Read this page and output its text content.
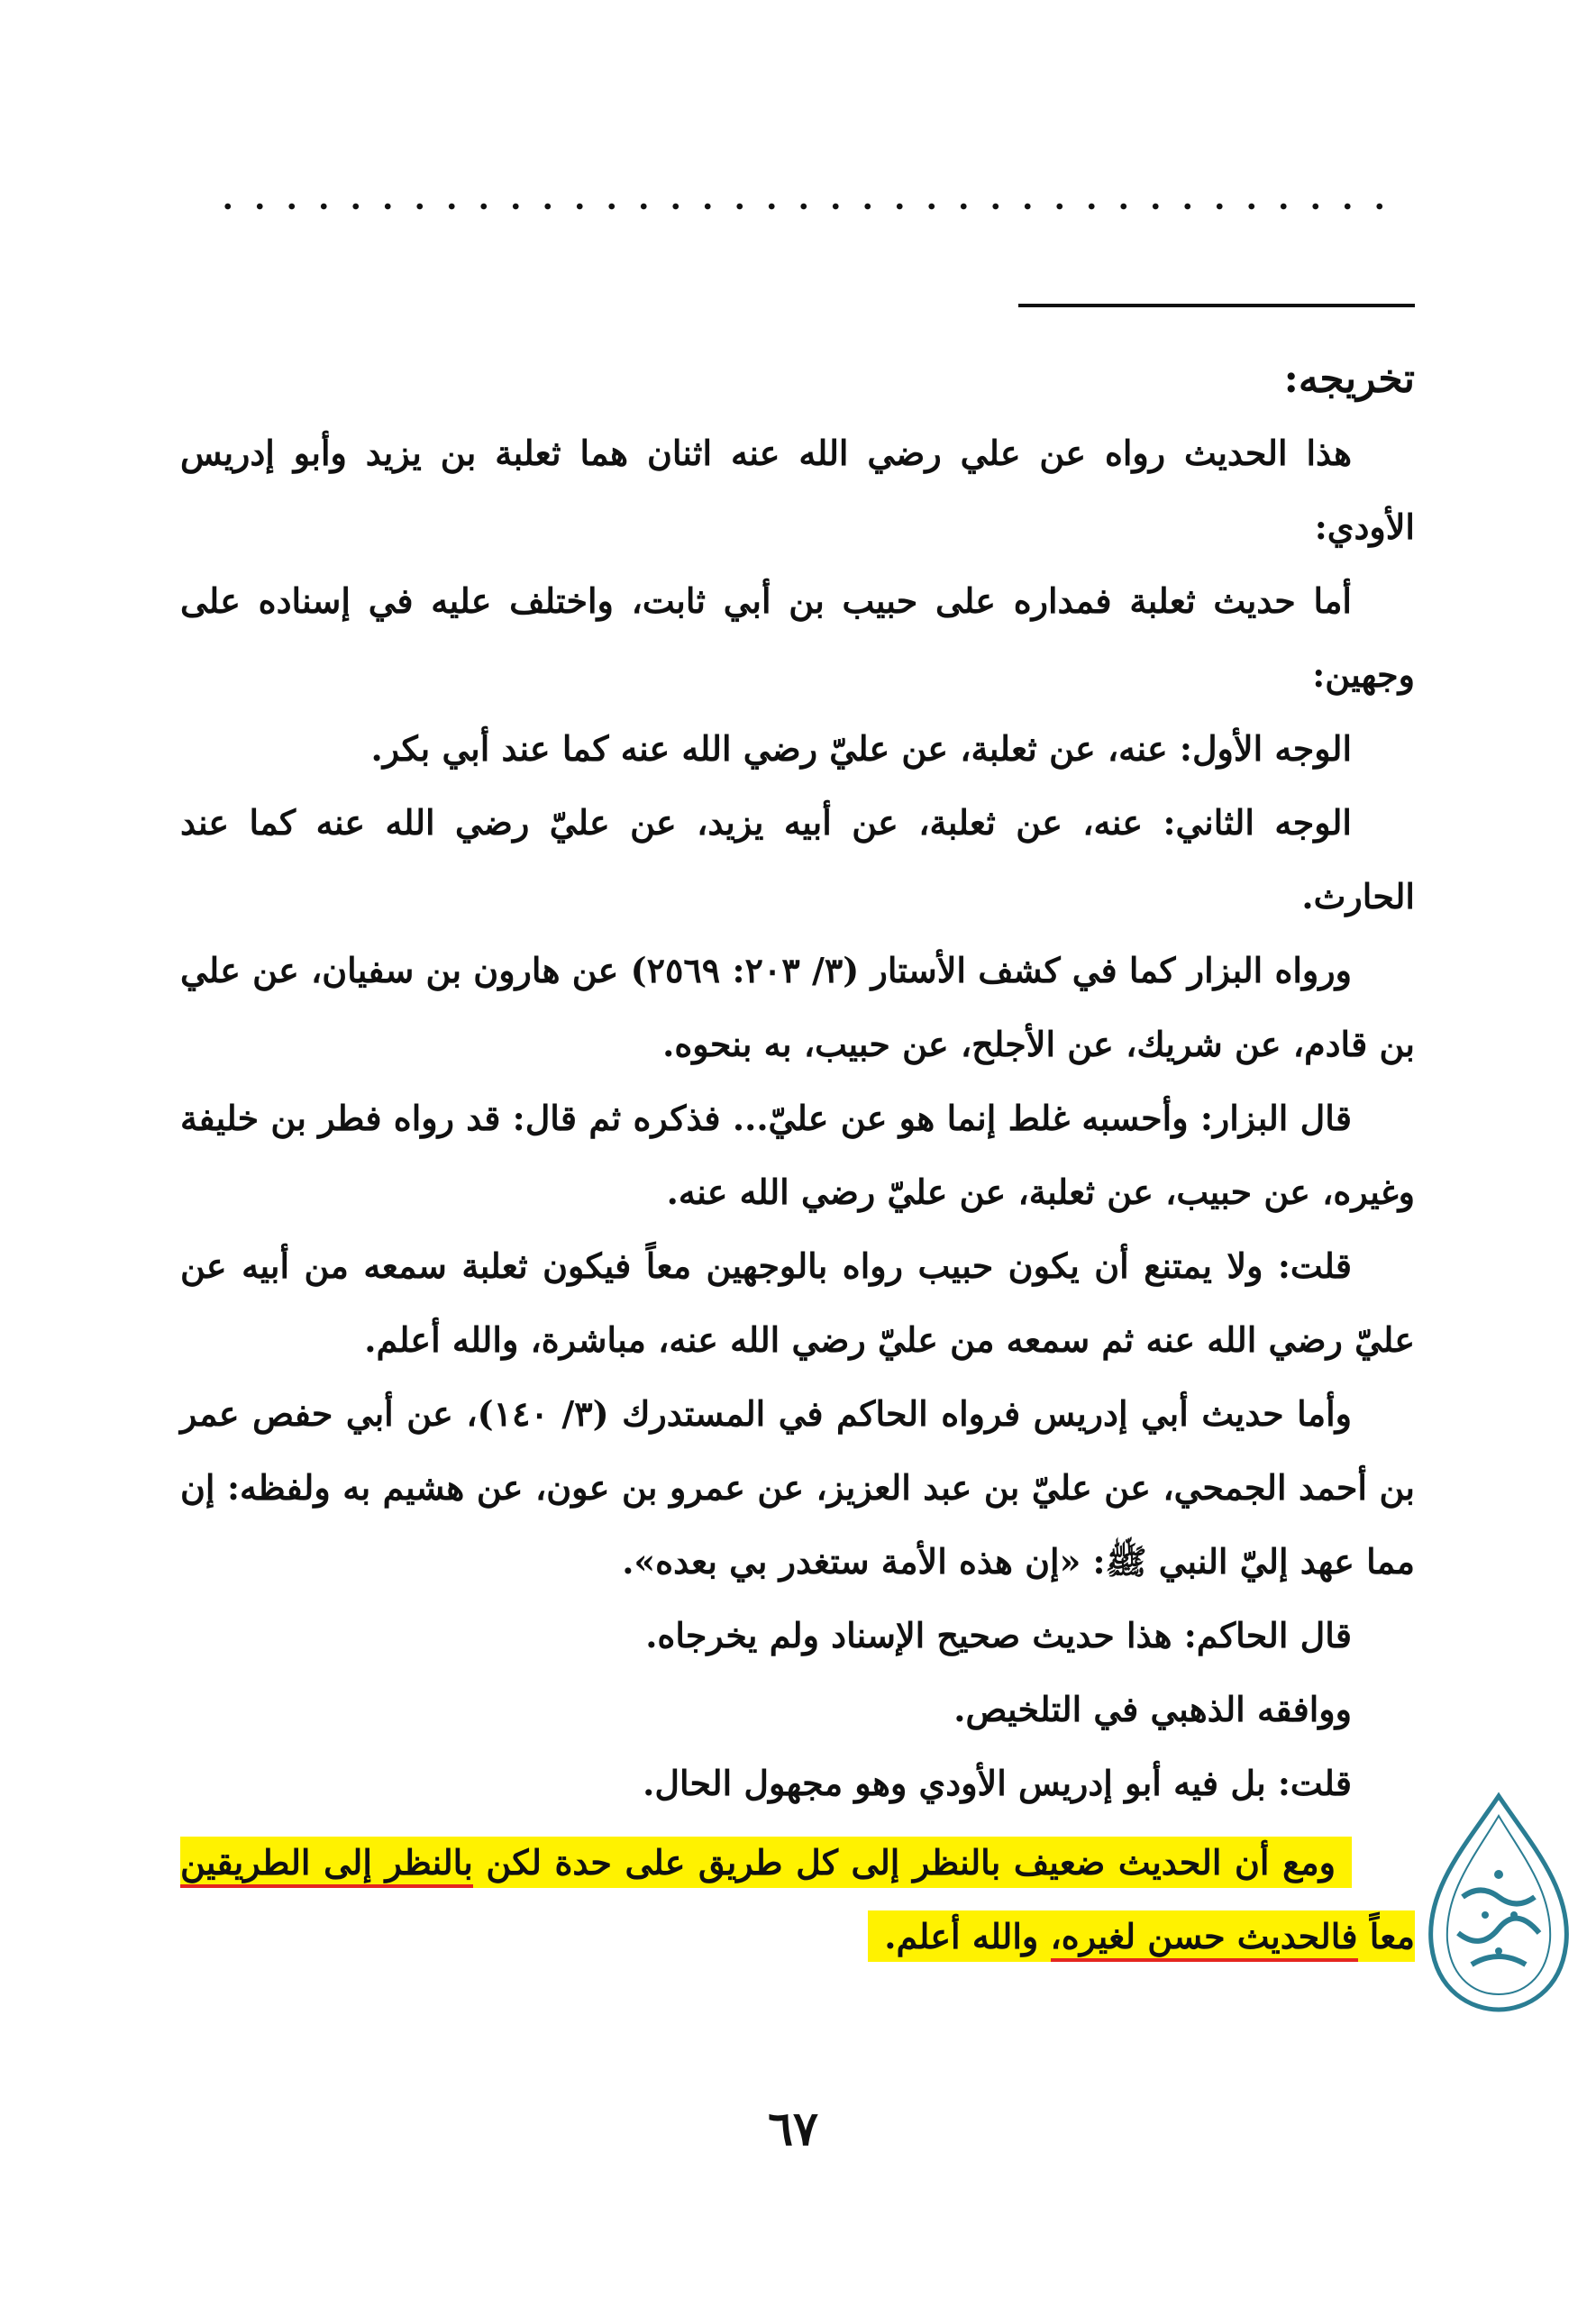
تخريجه:

هذا الحديث رواه عن علي رضي الله عنه اثنان هما ثعلبة بن يزيد وأبو إدريس الأودي:

أما حديث ثعلبة فمداره على حبيب بن أبي ثابت، واختلف عليه في إسناده على وجهين:

الوجه الأول: عنه، عن ثعلبة، عن عليّ رضي الله عنه كما عند أبي بكر.

الوجه الثاني: عنه، عن ثعلبة، عن أبيه يزيد، عن عليّ رضي الله عنه كما عند الحارث.

ورواه البزار كما في كشف الأستار (٣/ ٢٠٣: ٢٥٦٩) عن هارون بن سفيان، عن علي بن قادم، عن شريك، عن الأجلح، عن حبيب، به بنحوه.

قال البزار: وأحسبه غلط إنما هو عن عليّ... فذكره ثم قال: قد رواه فطر بن خليفة وغيره، عن حبيب، عن ثعلبة، عن عليّ رضي الله عنه.

قلت: ولا يمتنع أن يكون حبيب رواه بالوجهين معاً فيكون ثعلبة سمعه من أبيه عن عليّ رضي الله عنه ثم سمعه من عليّ رضي الله عنه، مباشرة، والله أعلم.

وأما حديث أبي إدريس فرواه الحاكم في المستدرك (٣/ ١٤٠)، عن أبي حفص عمر بن أحمد الجمحي، عن عليّ بن عبد العزيز، عن عمرو بن عون، عن هشيم به ولفظه: إن مما عهد إليّ النبي ﷺ: «إن هذه الأمة ستغدر بي بعده».

قال الحاكم: هذا حديث صحيح الإسناد ولم يخرجاه.

ووافقه الذهبي في التلخيص.

قلت: بل فيه أبو إدريس الأودي وهو مجهول الحال.

ومع أن الحديث ضعيف بالنظر إلى كل طريق على حدة لكن بالنظر إلى الطريقين معاً فالحديث حسن لغيره، والله أعلم.

٦٧
